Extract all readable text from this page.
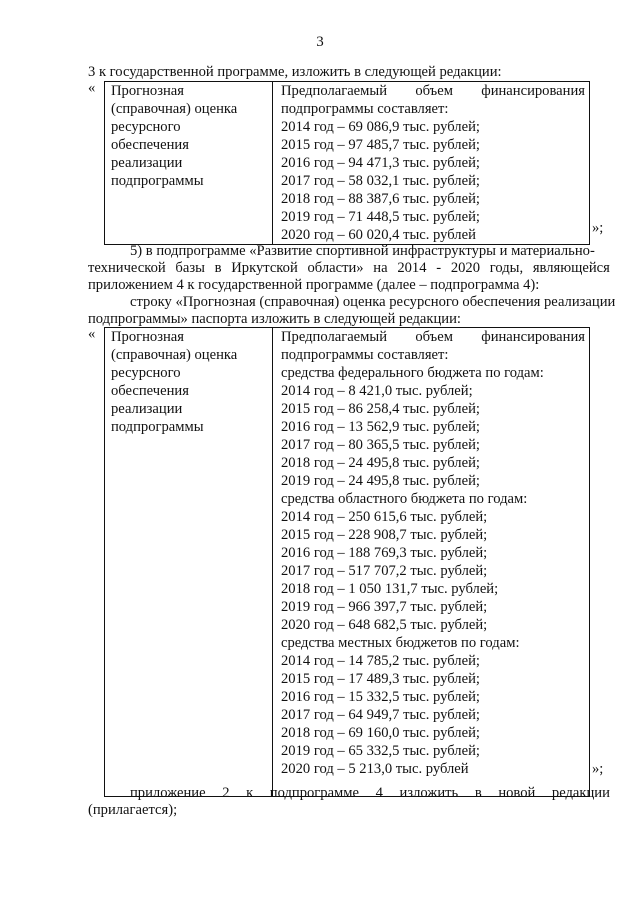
3
3 к государственной программе, изложить в следующей редакции:
« Прогнозная
(справочная) оценка
ресурсного
обеспечения
реализации
подпрограммы
Предполагаемый объем финансирования
подпрограммы составляет:
2014 год – 69 086,9 тыс. рублей;
2015 год – 97 485,7 тыс. рублей;
2016 год – 94 471,3 тыс. рублей;
2017 год – 58 032,1 тыс. рублей;
2018 год – 88 387,6 тыс. рублей;
2019 год – 71 448,5 тыс. рублей;
2020 год – 60 020,4 тыс. рублей	»;
5) в подпрограмме «Развитие спортивной инфраструктуры и материально-
технической базы в Иркутской области» на 2014 - 2020 годы, являющейся
приложением 4 к государственной программе (далее – подпрограмма 4):
строку «Прогнозная (справочная) оценка ресурсного обеспечения реализации
подпрограммы» паспорта изложить в следующей редакции:
« Прогнозная
(справочная) оценка
ресурсного
обеспечения
реализации
подпрограммы
Предполагаемый объем финансирования
подпрограммы составляет:
средства федерального бюджета по годам:
2014 год – 8 421,0 тыс. рублей;
2015 год – 86 258,4 тыс. рублей;
2016 год – 13 562,9 тыс. рублей;
2017 год – 80 365,5 тыс. рублей;
2018 год – 24 495,8 тыс. рублей;
2019 год – 24 495,8 тыс. рублей;
средства областного бюджета по годам:
2014 год – 250 615,6 тыс. рублей;
2015 год – 228 908,7 тыс. рублей;
2016 год – 188 769,3 тыс. рублей;
2017 год – 517 707,2 тыс. рублей;
2018 год – 1 050 131,7 тыс. рублей;
2019 год – 966 397,7 тыс. рублей;
2020 год – 648 682,5 тыс. рублей;
средства местных бюджетов по годам:
2014 год – 14 785,2 тыс. рублей;
2015 год – 17 489,3 тыс. рублей;
2016 год – 15 332,5 тыс. рублей;
2017 год – 64 949,7 тыс. рублей;
2018 год – 69 160,0 тыс. рублей;
2019 год – 65 332,5 тыс. рублей;
2020 год – 5 213,0 тыс. рублей	»;
приложение 2 к подпрограмме 4 изложить в новой редакции
(прилагается);
